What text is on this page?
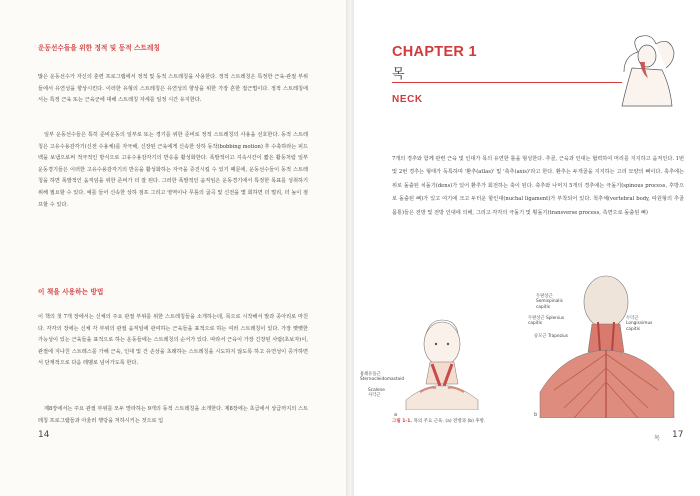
운동선수들을 위한 정적 및 동적 스트레칭
많은 운동선수가 자신의 훈련 프로그램에서 정적 및 동적 스트레칭을 사용한다. 정적 스트레칭은 특정한 근육-관절 부위들에서 유연성을 향상시킨다. 이러한 유형의 스트레칭은 유연성의 향상을 위한 가장 흔한 접근법이다. 정적 스트레칭에서는 특정 근육 또는 근육군에 대해 스트레칭 자세를 일정 시간 유지한다.
일부 운동선수들은 특히 준비운동의 일부로 또는 경기를 위한 준비로 정적 스트레칭의 사용을 선호한다. 동적 스트레칭은 고유수용감각기(신전 수용체)를 자극해, 신장된 근육에게 신속한 상하 동작(bobbing motion) 후 수축하라는 피드백을 보냄으로써 적극적인 방식으로 고유수용감각기의 반응을 활성화한다. 폭발적이고 지속시간이 짧은 활동처럼 일부 운동경기들은 이러한 고유수용감각기의 반응을 활성화하는 자극을 증진시킬 수 있기 때문에, 운동선수들이 동적 스트레칭을 하면 폭발적인 움직임을 위한 준비가 더 잘 된다. 그러한 폭발적인 움직임은 운동경기에서 특정한 목표를 성취하기 위해 필요할 수 있다. 예를 들어 신속한 상하 점프 그리고 영역이나 무릎의 굽곡 및 신전을 몇 회하면 더 멀리, 더 높이 점프할 수 있다.
이 책을 사용하는 방법
이 책의 첫 7개 장에서는 신체의 주요 관절 부위를 위한 스트레칭들을 소개하는데, 목으로 시작해서 발과 종아리로 마친다. 각각의 장에는 신체 각 부위의 관절 움직임에 관여하는 근육들을 표적으로 하는 여러 스트레칭이 있다. 가장 뻣뻣한 가능성이 있는 근육들을 표적으로 하는 운동들에는 스트레칭의 순서가 있다. 따라서 근육이 가장 긴장된 사람(초보자)이, 관절에 지나친 스트레스를 가해 근육, 인대 및 건 손상을 초래하는 스트레칭을 시도하지 않도록 하고 유연성이 증가하면서 단계적으로 다음 레벨로 넘어가도록 한다.
제8장에서는 주요 관절 부위를 모두 망라하는 9개의 동적 스트레칭을 소개한다. 제8장에는 초급에서 상급까지의 스트레칭 프로그램들과 아울러 행당을 처하시키는 것으로 입
14
CHAPTER 1
목
NECK
7개의 경추와 함께 관련 근육 및 인대가 목의 유연한 틀을 형성한다. 추골, 근육과 인대는 협력하여 머리를 지지하고 움직인다. 1번 및 2번 경추는 형태가 독특하며 '환추(atlas)' 및 '축추(axis)'라고 한다. 환추는 두개골을 지지하는 고리 모양의 뼈이다. 축추에는 위로 돌출된 치돌기(dens)가 있어 환추가 회전하는 축이 된다. 축추와 나머지 5개의 경추에는 극돌기(spinous process, 후방으로 돌출된 뼈)가 있고 여기에 크고 두터운 항인대(nuchal ligament)가 부착되어 있다. 척추체(vertebral body, 따원형의 추골 몸통)들은 전방 및 전방 인대에 의해, 그리고 각각의 극돌기 및 횡돌기(transverse process, 측면으로 돌출된 뼈)
흉쇄유돌근
Sternocleidomastoid
Scalene
사각근
두판상근
Semispinalis
capitis
두판상근 Splenius
capitis
승모근 Trapezius
두덕근
Longissimus
capitis
a	b
그림 1-1. 목의 주요 근육. (a) 전방과 (b) 후방.
목 17
